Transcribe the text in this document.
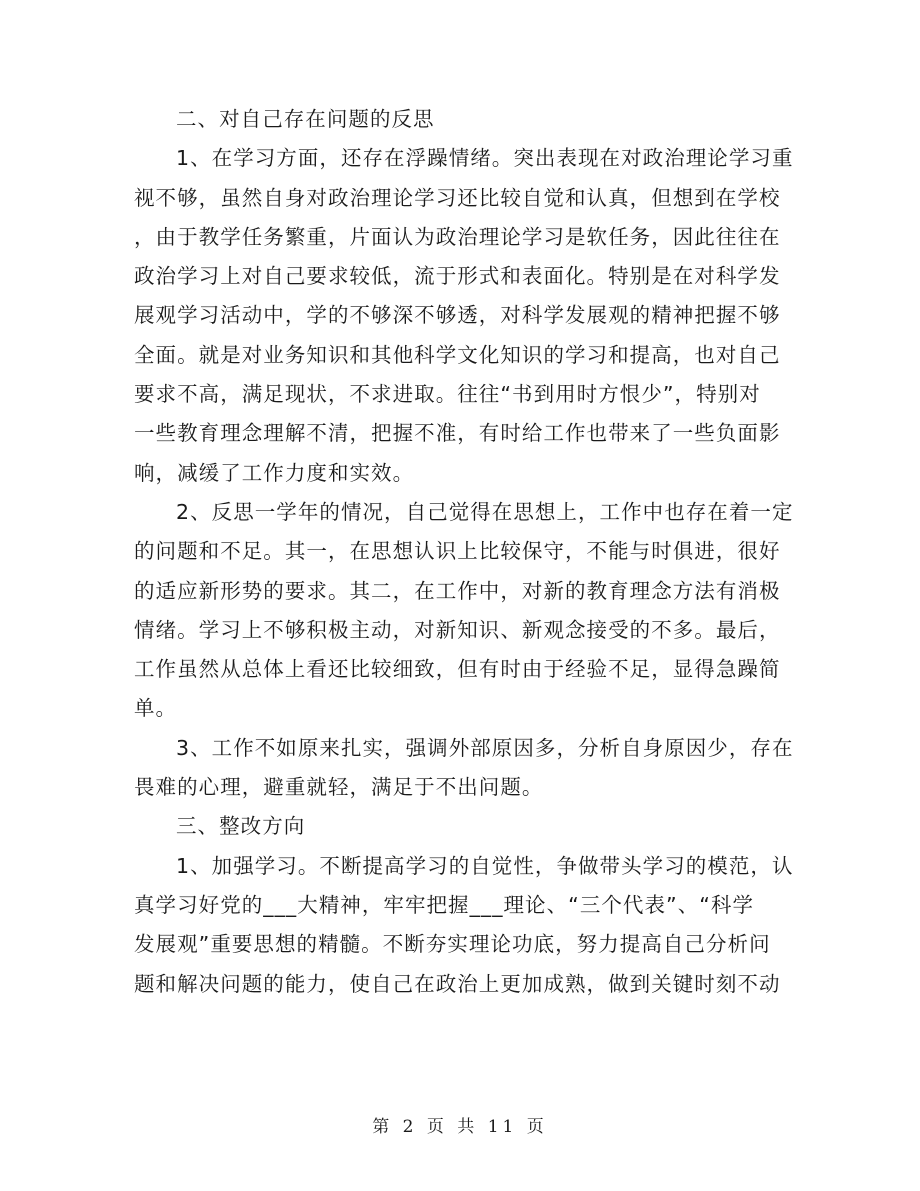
二、对自己存在问题的反思

1、在学习方面，还存在浮躁情绪。突出表现在对政治理论学习重
视不够，虽然自身对政治理论学习还比较自觉和认真，但想到在学校
，由于教学任务繁重，片面认为政治理论学习是软任务，因此往往在
政治学习上对自己要求较低，流于形式和表面化。特别是在对科学发
展观学习活动中，学的不够深不够透，对科学发展观的精神把握不够
全面。就是对业务知识和其他科学文化知识的学习和提高，也对自己
要求不高，满足现状，不求进取。往往“书到用时方恨少”，特别对
一些教育理念理解不清，把握不准，有时给工作也带来了一些负面影
响，减缓了工作力度和实效。

2、反思一学年的情况，自己觉得在思想上，工作中也存在着一定
的问题和不足。其一，在思想认识上比较保守，不能与时俱进，很好
的适应新形势的要求。其二，在工作中，对新的教育理念方法有消极
情绪。学习上不够积极主动，对新知识、新观念接受的不多。最后，
工作虽然从总体上看还比较细致，但有时由于经验不足，显得急躁简
单。

3、工作不如原来扎实，强调外部原因多，分析自身原因少，存在
畏难的心理，避重就轻，满足于不出问题。

三、整改方向

1、加强学习。不断提高学习的自觉性，争做带头学习的模范，认
真学习好党的___大精神，牢牢把握___理论、“三个代表”、“科学
发展观”重要思想的精髓。不断夯实理论功底，努力提高自己分析问
题和解决问题的能力，使自己在政治上更加成熟，做到关键时刻不动

第 2 页 共 11 页
